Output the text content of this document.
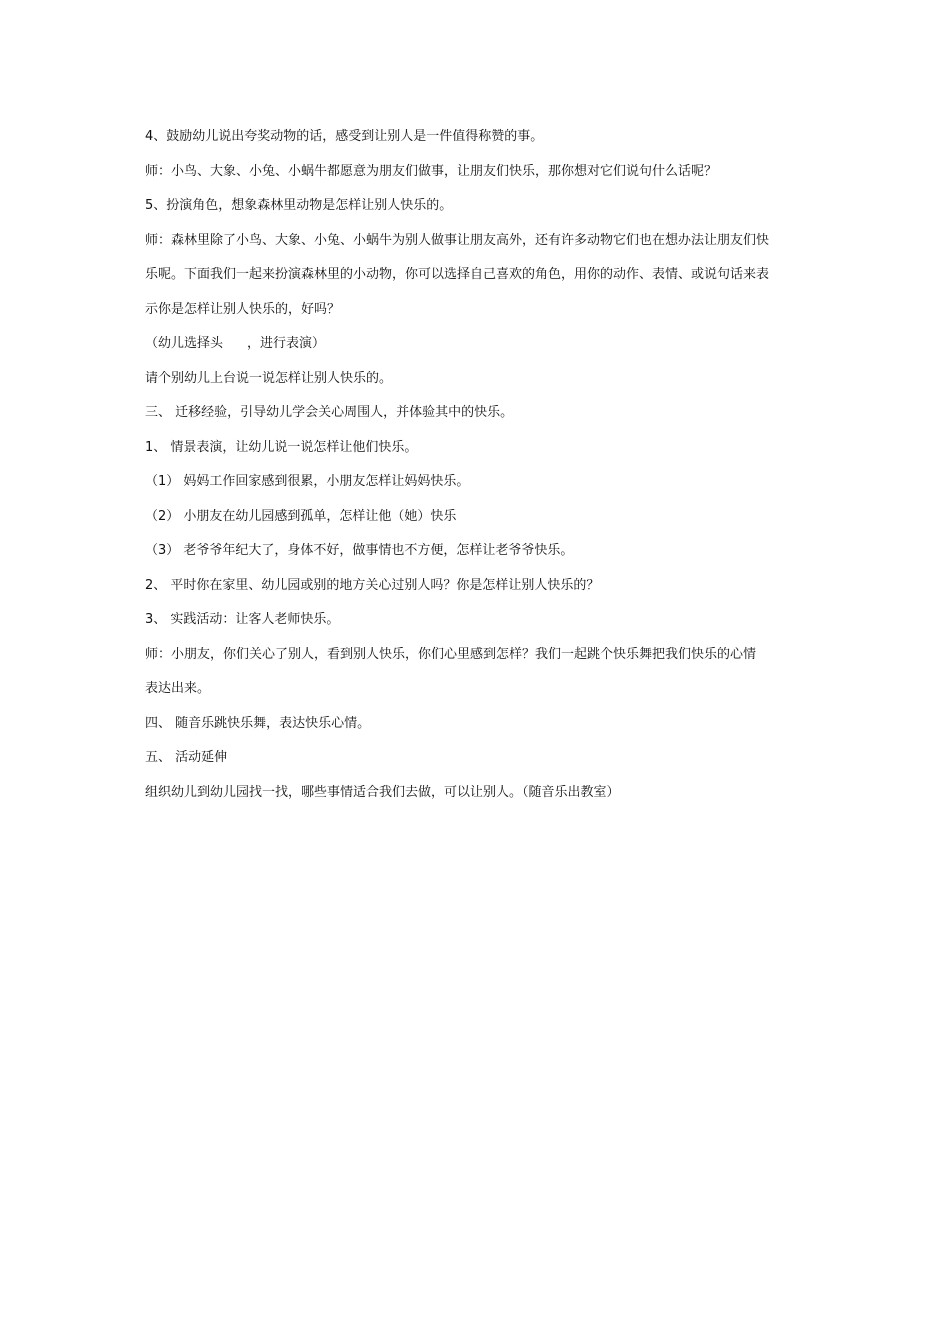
4、鼓励幼儿说出夸奖动物的话，感受到让别人是一件值得称赞的事。
师：小鸟、大象、小兔、小蜗牛都愿意为朋友们做事，让朋友们快乐，那你想对它们说句什么话呢？
5、扮演角色，想象森林里动物是怎样让别人快乐的。
师：森林里除了小鸟、大象、小兔、小蜗牛为别人做事让朋友高外，还有许多动物它们也在想办法让朋友们快
乐呢。下面我们一起来扮演森林里的小动物，你可以选择自己喜欢的角色，用你的动作、表情、或说句话来表
示你是怎样让别人快乐的，好吗？
（幼儿选择头 ，进行表演）
请个别幼儿上台说一说怎样让别人快乐的。
三、 迁移经验，引导幼儿学会关心周围人，并体验其中的快乐。
1、 情景表演，让幼儿说一说怎样让他们快乐。
（1） 妈妈工作回家感到很累，小朋友怎样让妈妈快乐。
（2） 小朋友在幼儿园感到孤单，怎样让他（她）快乐
（3） 老爷爷年纪大了，身体不好，做事情也不方便，怎样让老爷爷快乐。
2、 平时你在家里、幼儿园或别的地方关心过别人吗？你是怎样让别人快乐的？
3、 实践活动：让客人老师快乐。
师：小朋友，你们关心了别人，看到别人快乐，你们心里感到怎样？我们一起跳个快乐舞把我们快乐的心情
表达出来。
四、 随音乐跳快乐舞，表达快乐心情。
五、 活动延伸
组织幼儿到幼儿园找一找，哪些事情适合我们去做，可以让别人。（随音乐出教室）
